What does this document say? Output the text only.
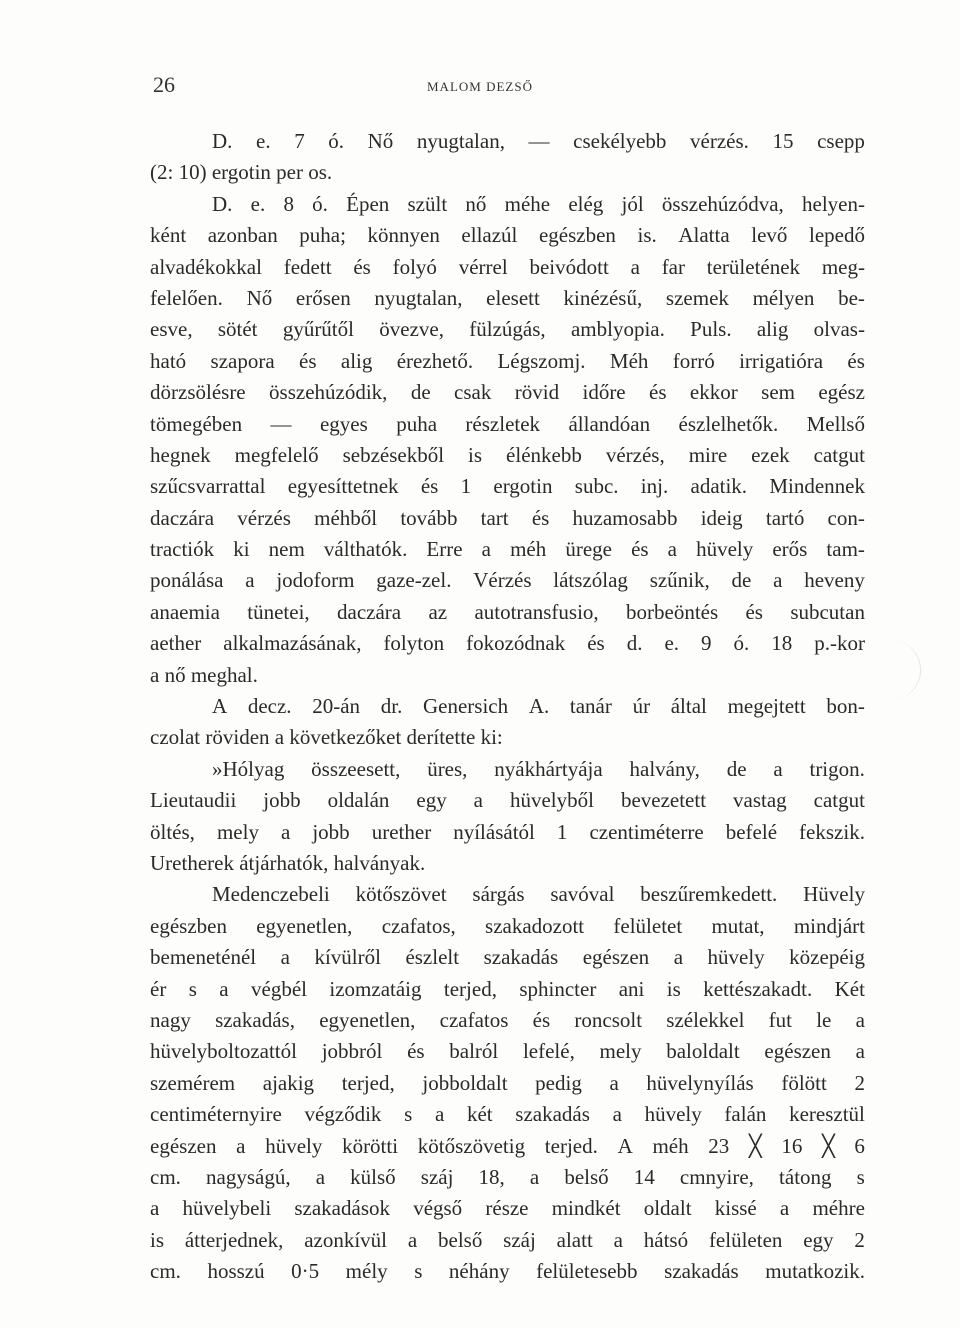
26	MALOM DEZSŐ
D. e. 7 ó. Nő nyugtalan, — csekélyebb vérzés. 15 csepp
(2: 10) ergotin per os.
D. e. 8 ó. Épen szült nő méhe elég jól összehúzódva, helyen-
ként azonban puha; könnyen ellazúl egészben is. Alatta levő lepedő
alvadékokkal fedett és folyó vérrel beivódott a far területének meg-
felelően. Nő erősen nyugtalan, elesett kinézésű, szemek mélyen be-
esve, sötét gyűrűtől övezve, fülzúgás, amblyopia. Puls. alig olvas-
ható szapora és alig érezhető. Légszomj. Méh forró irrigatióra és
dörzsölésre összehúzódik, de csak rövid időre és ekkor sem egész
tömegében — egyes puha részletek állandóan észlelhetők. Mellső
hegnek megfelelő sebzésekből is élénkebb vérzés, mire ezek catgut
szűcsvarrattal egyesíttetnek és 1 ergotin subc. inj. adatik. Mindennek
daczára vérzés méhből tovább tart és huzamosabb ideig tartó con-
tractiók ki nem válthatók. Erre a méh ürege és a hüvely erős tam-
ponálása a jodoform gaze-zel. Vérzés látszólag szűnik, de a heveny
anaemia tünetei, daczára az autotransfusio, borbeöntés és subcutan
aether alkalmazásának, folyton fokozódnak és d. e. 9 ó. 18 p.-kor
a nő meghal.
A decz. 20-án dr. Genersich A. tanár úr által megejtett bon-
czolat röviden a következőket derítette ki:
»Hólyag összeesett, üres, nyákhártyája halvány, de a trigon.
Lieutaudii jobb oldalán egy a hüvelyből bevezetett vastag catgut
öltés, mely a jobb urether nyílásától 1 czentiméterre befelé fekszik.
Uretherek átjárhatók, halványak.
Medenczebeli kötőszövet sárgás savóval beszűremkedett. Hüvely
egészben egyenetlen, czafatos, szakadozott felületet mutat, mindjárt
bemeneténél a kívülről észlelt szakadás egészen a hüvely közepéig
ér s a végbél izomzatáig terjed, sphincter ani is kettészakadt. Két
nagy szakadás, egyenetlen, czafatos és roncsolt szélekkel fut le a
hüvelyboltozattól jobbról és balról lefelé, mely baloldalt egészen a
szemérem ajakig terjed, jobboldalt pedig a hüvelynyílás fölött 2
centiméternyire végződik s a két szakadás a hüvely falán keresztül
egészen a hüvely körötti kötőszövetig terjed. A méh 23 ╳ 16 ╳ 6
cm. nagyságú, a külső száj 18, a belső 14 cmnyire, tátong s
a hüvelybeli szakadások végső része mindkét oldalt kissé a méhre
is átterjednek, azonkívül a belső száj alatt a hátsó felületen egy 2
cm. hosszú 0·5 mély s néhány felületesebb szakadás mutatkozik.
